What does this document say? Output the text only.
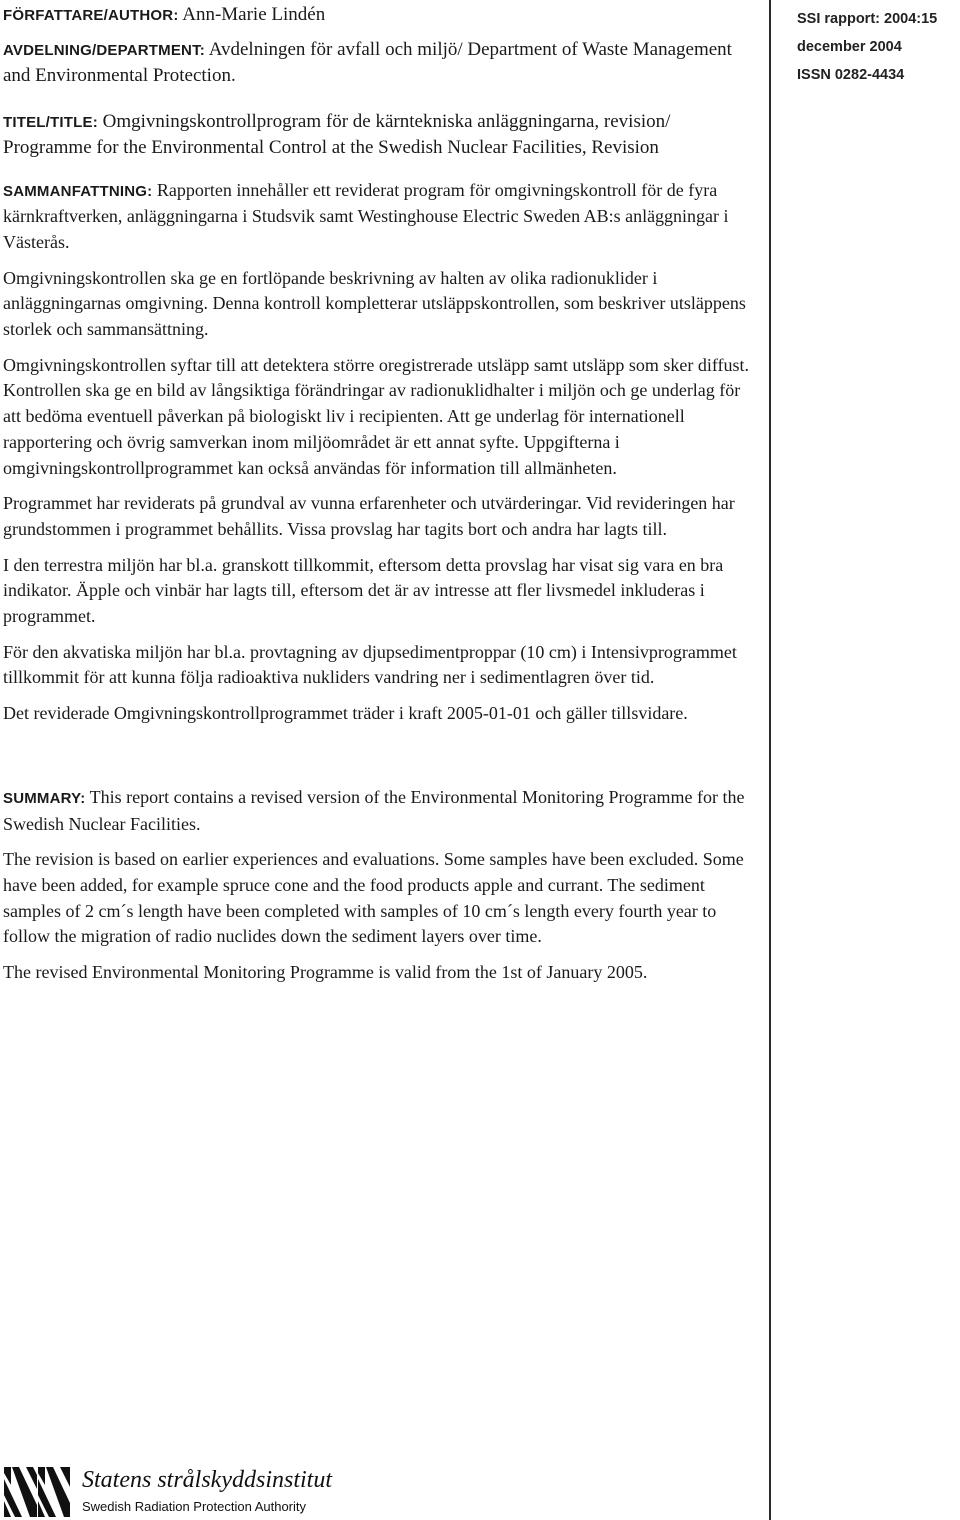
FÖRFATTARE/AUTHOR: Ann-Marie Lindén
AVDELNING/DEPARTMENT: Avdelningen för avfall och miljö/ Department of Waste Management and Environmental Protection.
TITEL/TITLE: Omgivningskontrollprogram för de kärntekniska anläggningarna, revision/ Programme for the Environmental Control at the Swedish Nuclear Facilities, Revision

SAMMANFATTNING: Rapporten innehåller ett reviderat program för omgivningskontroll för de fyra kärnkraftverken, anläggningarna i Studsvik samt Westinghouse Electric Sweden AB:s anläggningar i Västerås.

Omgivningskontrollen ska ge en fortlöpande beskrivning av halten av olika radionuklider i anläggningarnas omgivning. Denna kontroll kompletterar utsläppskontrollen, som beskriver utsläppens storlek och sammansättning.

Omgivningskontrollen syftar till att detektera större oregistrerade utsläpp samt utsläpp som sker diffust. Kontrollen ska ge en bild av långsiktiga förändringar av radionuklidhalter i miljön och ge underlag för att bedöma eventuell påverkan på biologiskt liv i recipienten. Att ge underlag för internationell rapportering och övrig samverkan inom miljöområdet är ett annat syfte. Uppgifterna i omgivningskontrollprogrammet kan också användas för information till allmänheten.

Programmet har reviderats på grundval av vunna erfarenheter och utvärderingar. Vid revideringen har grundstommen i programmet behållits. Vissa provslag har tagits bort och andra har lagts till.

I den terrestra miljön har bl.a. granskott tillkommit, eftersom detta provslag har visat sig vara en bra indikator. Äpple och vinbär har lagts till, eftersom det är av intresse att fler livsmedel inkluderas i programmet.

För den akvatiska miljön har bl.a. provtagning av djupsedimentproppar (10 cm) i Intensivprogrammet tillkommit för att kunna följa radioaktiva nukliders vandring ner i sedimentlagren över tid.

Det reviderade Omgivningskontrollprogrammet träder i kraft 2005-01-01 och gäller tillsvidare.

SUMMARY: This report contains a revised version of the Environmental Monitoring Programme for the Swedish Nuclear Facilities.

The revision is based on earlier experiences and evaluations. Some samples have been excluded. Some have been added, for example spruce cone and the food products apple and currant. The sediment samples of 2 cm´s length have been completed with samples of 10 cm´s length every fourth year to follow the migration of radio nuclides down the sediment layers over time.

The revised Environmental Monitoring Programme is valid from the 1st of January 2005.

SSI rapport: 2004:15
december 2004
ISSN 0282-4434
Statens strålskyddsinstitut
Swedish Radiation Protection Authority
